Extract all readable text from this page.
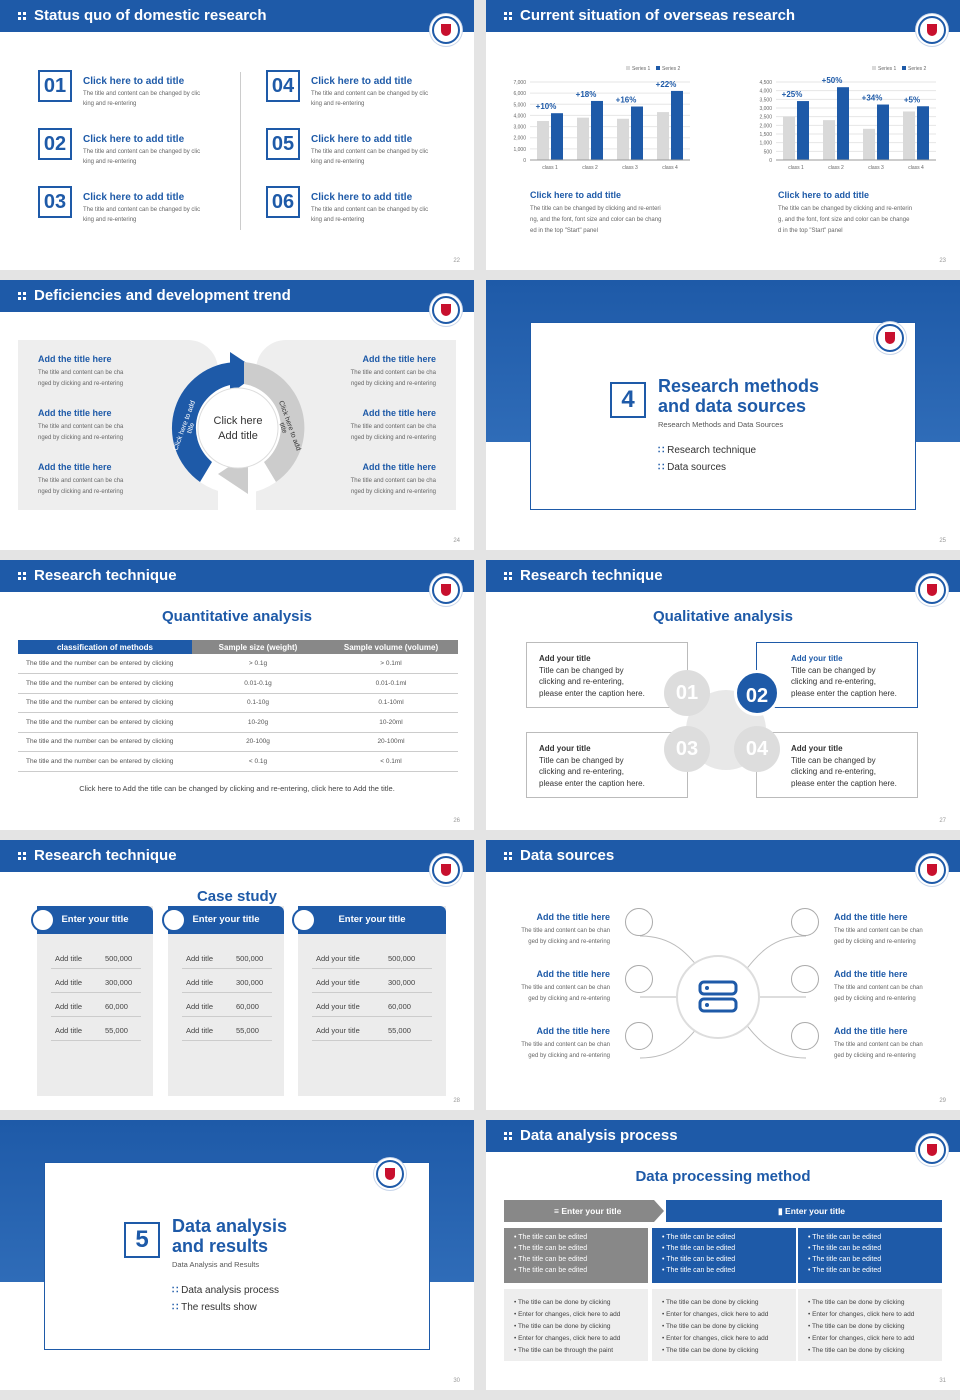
Status quo of domestic research
01	Click here to add title
The title and content can be changed by clic
king and re-entering
02	Click here to add title
The title and content can be changed by clic
king and re-entering
03	Click here to add title
The title and content can be changed by clic
king and re-entering
04	Click here to add title
The title and content can be changed by clic
king and re-entering
05	Click here to add title
The title and content can be changed by clic
king and re-entering
06	Click here to add title
The title and content can be changed by clic
king and re-entering
22
Current situation of overseas research
0
1,000
2,000
3,000
4,000
5,000
6,000
7,000
class 1
+10%
class 2
+18%
class 3
+16%
class 4
+22%
Series 1 Series 2
0
500
1,000
1,500
2,000
2,500
3,000
3,500
4,000
4,500
class 1
+25%
class 2
+50%
class 3
+34%
class 4
+5%
Series 1 Series 2
Click here to add title
The title can be changed by clicking and re-enteri
ng, and the font, font size and color can be chang
ed in the top "Start" panel
Click here to add title
The title can be changed by clicking and re-enterin
g, and the font, font size and color can be change
d in the top "Start" panel
23
Deficiencies and development trend
Click here
Add title
Click here to add title	Click here to add title
Add the title here
The title and content can be cha
nged by clicking and re-entering
Add the title here
The title and content can be cha
nged by clicking and re-entering
Add the title here
The title and content can be cha
nged by clicking and re-entering
Add the title here
The title and content can be cha
nged by clicking and re-entering
Add the title here
The title and content can be cha
nged by clicking and re-entering
Add the title here
The title and content can be cha
nged by clicking and re-entering
24
4	Research methods
and data sources
Research Methods and Data Sources
∷ Research technique
∷ Data sources
25
Research technique
Quantitative analysis
classification of methods	Sample size (weight)	Sample volume (volume)
The title and the number can be entered by clicking	> 0.1g	> 0.1ml
The title and the number can be entered by clicking	0.01-0.1g	0.01-0.1ml
The title and the number can be entered by clicking	0.1-10g	0.1-10ml
The title and the number can be entered by clicking	10-20g	10-20ml
The title and the number can be entered by clicking	20-100g	20-100ml
The title and the number can be entered by clicking	< 0.1g	< 0.1ml
Click here to Add the title can be changed by clicking and re-entering, click here to Add the title.
26
Research technique
Qualitative analysis
Add your title
Title can be changed by
clicking and re-entering,
please enter the caption here.	01
Add your title
Title can be changed by
clicking and re-entering,
please enter the caption here.
02
Add your title
Title can be changed by
clicking and re-entering,
please enter the caption here.
03	Add your title
Title can be changed by
clicking and re-entering,
please enter the caption here.
04
27
Research technique
Case study
Enter your title
Add title	500,000
Add title	300,000
Add title	60,000
Add title	55,000
Enter your title
Add title	500,000
Add title	300,000
Add title	60,000
Add title	55,000
Enter your title
Add your title	500,000
Add your title	300,000
Add your title	60,000
Add your title	55,000
28
Data sources
Add the title here
The title and content can be chan
ged by clicking and re-entering
Add the title here
The title and content can be chan
ged by clicking and re-entering
Add the title here
The title and content can be chan
ged by clicking and re-entering
Add the title here
The title and content can be chan
ged by clicking and re-entering
Add the title here
The title and content can be chan
ged by clicking and re-entering
Add the title here
The title and content can be chan
ged by clicking and re-entering
29
5	Data analysis
and results
Data Analysis and Results
∷ Data analysis process
∷ The results show
30
Data analysis process
Data processing method
≡ Enter your title	▮ Enter your title
• The title can be edited
• The title can be edited
• The title can be edited
• The title can be edited
• The title can be done by clicking
• Enter for changes, click here to add
• The title can be done by clicking
• Enter for changes, click here to add
• The title can be through the paint
• The title can be edited
• The title can be edited
• The title can be edited
• The title can be edited
• The title can be done by clicking
• Enter for changes, click here to add
• The title can be done by clicking
• Enter for changes, click here to add
• The title can be done by clicking
• The title can be edited
• The title can be edited
• The title can be edited
• The title can be edited
• The title can be done by clicking
• Enter for changes, click here to add
• The title can be done by clicking
• Enter for changes, click here to add
• The title can be done by clicking
31
